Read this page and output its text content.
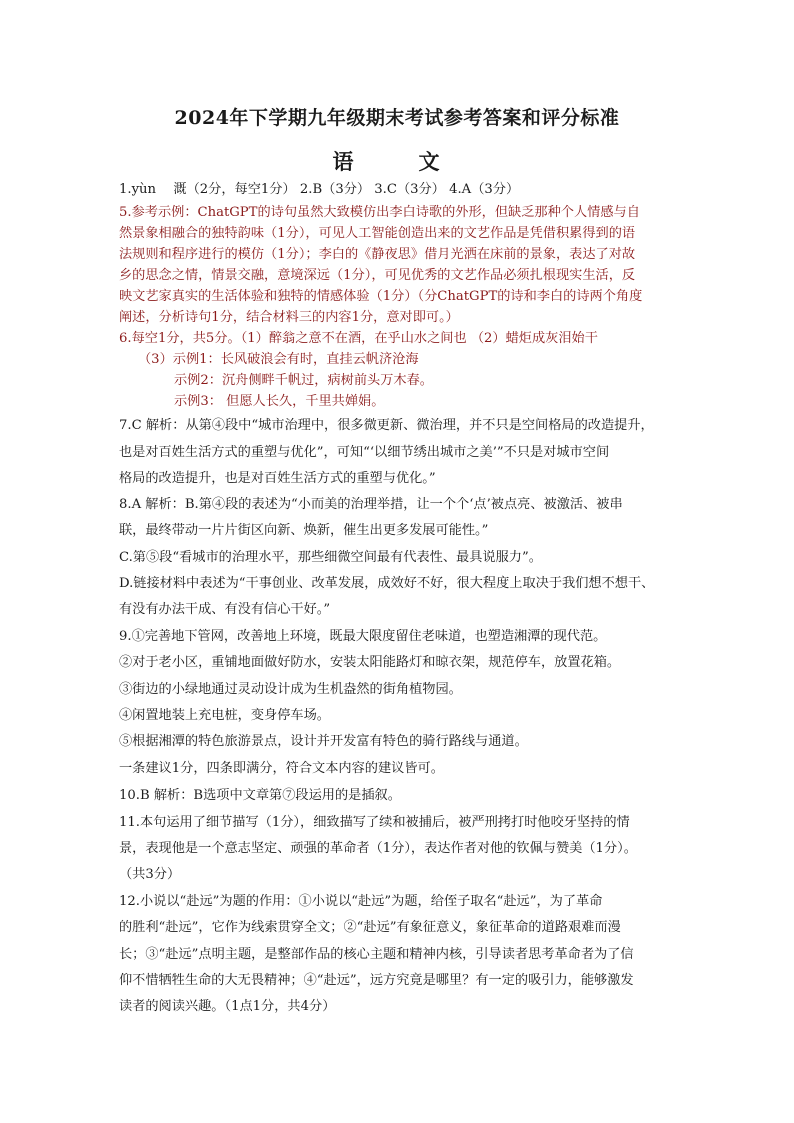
2024年下学期九年级期末考试参考答案和评分标准
语　文
1.yùn　 溉（2分，每空1分） 2.B（3分） 3.C（3分） 4.A（3分）
5.参考示例：ChatGPT的诗句虽然大致模仿出李白诗歌的外形，但缺乏那种个人情感与自
然景象相融合的独特韵味（1分），可见人工智能创造出来的文艺作品是凭借积累得到的语
法规则和程序进行的模仿（1分）；李白的《静夜思》借月光洒在床前的景象，表达了对故
乡的思念之情，情景交融，意境深远（1分），可见优秀的文艺作品必须扎根现实生活，反
映文艺家真实的生活体验和独特的情感体验（1分）（分ChatGPT的诗和李白的诗两个角度
阐述，分析诗句1分，结合材料三的内容1分，意对即可。）
6.每空1分，共5分。（1）醉翁之意不在酒，在乎山水之间也 （2）蜡炬成灰泪始干
（3）示例1：长风破浪会有时，直挂云帆济沧海
示例2：沉舟侧畔千帆过，病树前头万木春。
示例3： 但愿人长久，千里共婵娟。
7.C 解析：从第④段中“城市治理中，很多微更新、微治理，并不只是空间格局的改造提升，
也是对百姓生活方式的重塑与优化”，可知“‘以细节绣出城市之美’”不只是对城市空间
格局的改造提升，也是对百姓生活方式的重塑与优化。”
8.A 解析：B.第④段的表述为“小而美的治理举措，让一个个‘点’被点亮、被激活、被串
联，最终带动一片片街区向新、焕新，催生出更多发展可能性。”
C.第⑤段“看城市的治理水平，那些细微空间最有代表性、最具说服力”。
D.链接材料中表述为“干事创业、改革发展，成效好不好，很大程度上取决于我们想不想干、
有没有办法干成、有没有信心干好。”
9.①完善地下管网，改善地上环境，既最大限度留住老味道，也塑造湘潭的现代范。
②对于老小区，重铺地面做好防水，安装太阳能路灯和晾衣架，规范停车，放置花箱。
③街边的小绿地通过灵动设计成为生机盎然的街角植物园。
④闲置地装上充电桩，变身停车场。
⑤根据湘潭的特色旅游景点，设计并开发富有特色的骑行路线与通道。
一条建议1分，四条即满分，符合文本内容的建议皆可。
10.B 解析：B选项中文章第⑦段运用的是插叙。
11.本句运用了细节描写（1分），细致描写了续和被捕后，被严刑拷打时他咬牙坚持的情
景，表现他是一个意志坚定、顽强的革命者（1分），表达作者对他的钦佩与赞美（1分）。
（共3分）
12.小说以“赴远”为题的作用：①小说以“赴远”为题，给侄子取名“赴远”，为了革命
的胜利“赴远”，它作为线索贯穿全文；②“赴远”有象征意义，象征革命的道路艰难而漫
长；③“赴远”点明主题，是整部作品的核心主题和精神内核，引导读者思考革命者为了信
仰不惜牺牲生命的大无畏精神；④“赴远”，远方究竟是哪里？有一定的吸引力，能够激发
读者的阅读兴趣。（1点1分，共4分）
